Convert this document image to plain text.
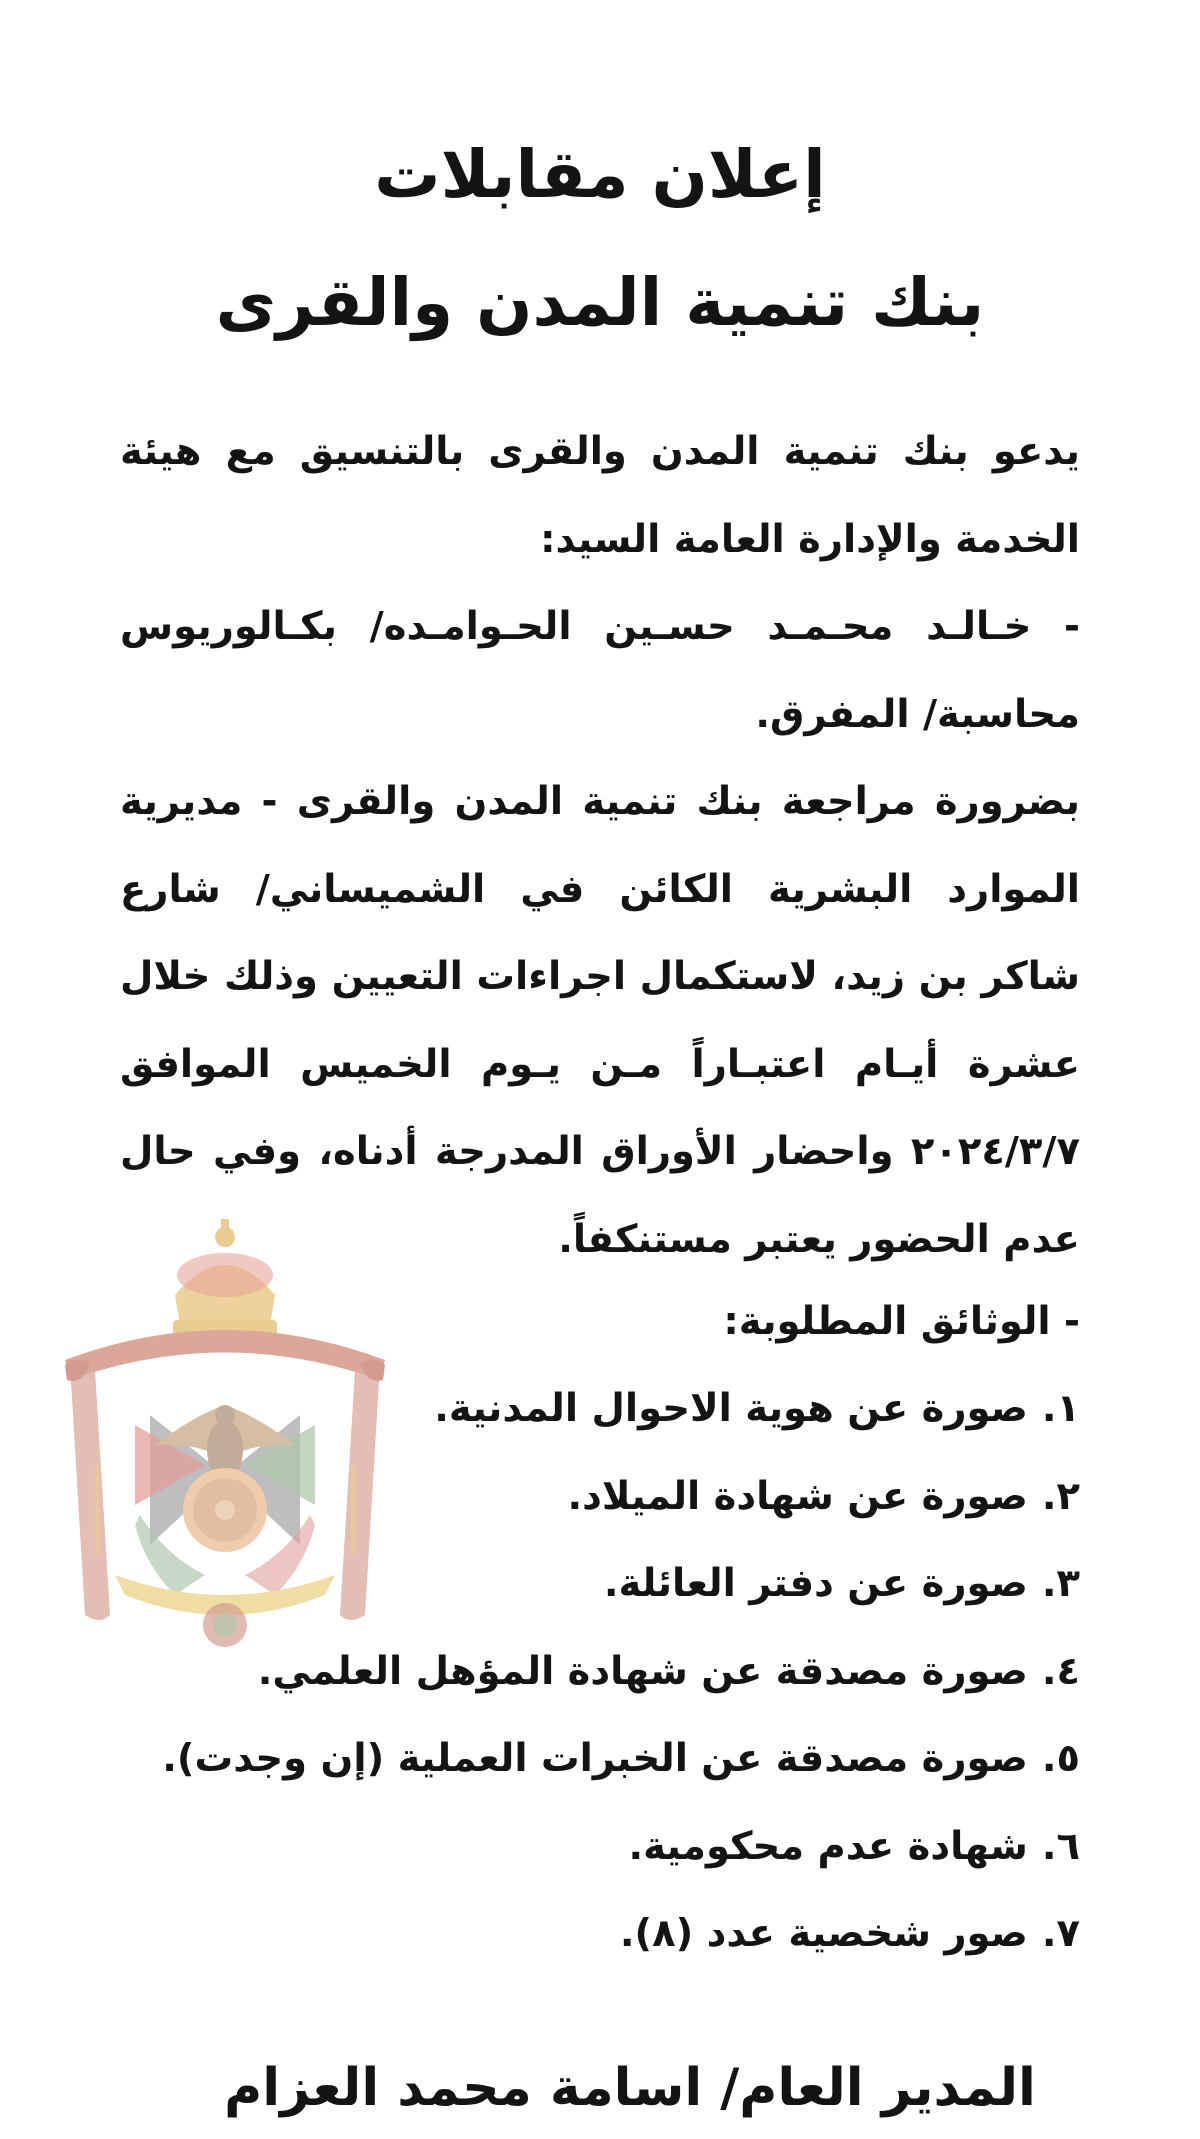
إعلان مقابلات
بنك تنمية المدن والقرى

يدعو بنك تنمية المدن والقرى بالتنسيق مع هيئة الخدمة والإدارة العامة السيد:

- خـالـد محـمـد حسـين الحـوامـده/ بكـالوريوس محاسبة/ المفرق.

بضرورة مراجعة بنك تنمية المدن والقرى - مديرية الموارد البشرية الكائن في الشميساني/ شارع شاكر بن زيد، لاستكمال اجراءات التعيين وذلك خلال عشرة أيـام اعتبـاراً مـن يـوم الخميس الموافق ٢٠٢٤/٣/٧ واحضار الأوراق المدرجة أدناه، وفي حال عدم الحضور يعتبر مستنكفاً.

- الوثائق المطلوبة:

١.صورة عن هوية الاحوال المدنية.
٢.صورة عن شهادة الميلاد.
٣.صورة عن دفتر العائلة.
٤.صورة مصدقة عن شهادة المؤهل العلمي.
٥.صورة مصدقة عن الخبرات العملية (إن وجدت).
٦.شهادة عدم محكومية.
٧.صور شخصية عدد (٨).

المدير العام/ اسامة محمد العزام
